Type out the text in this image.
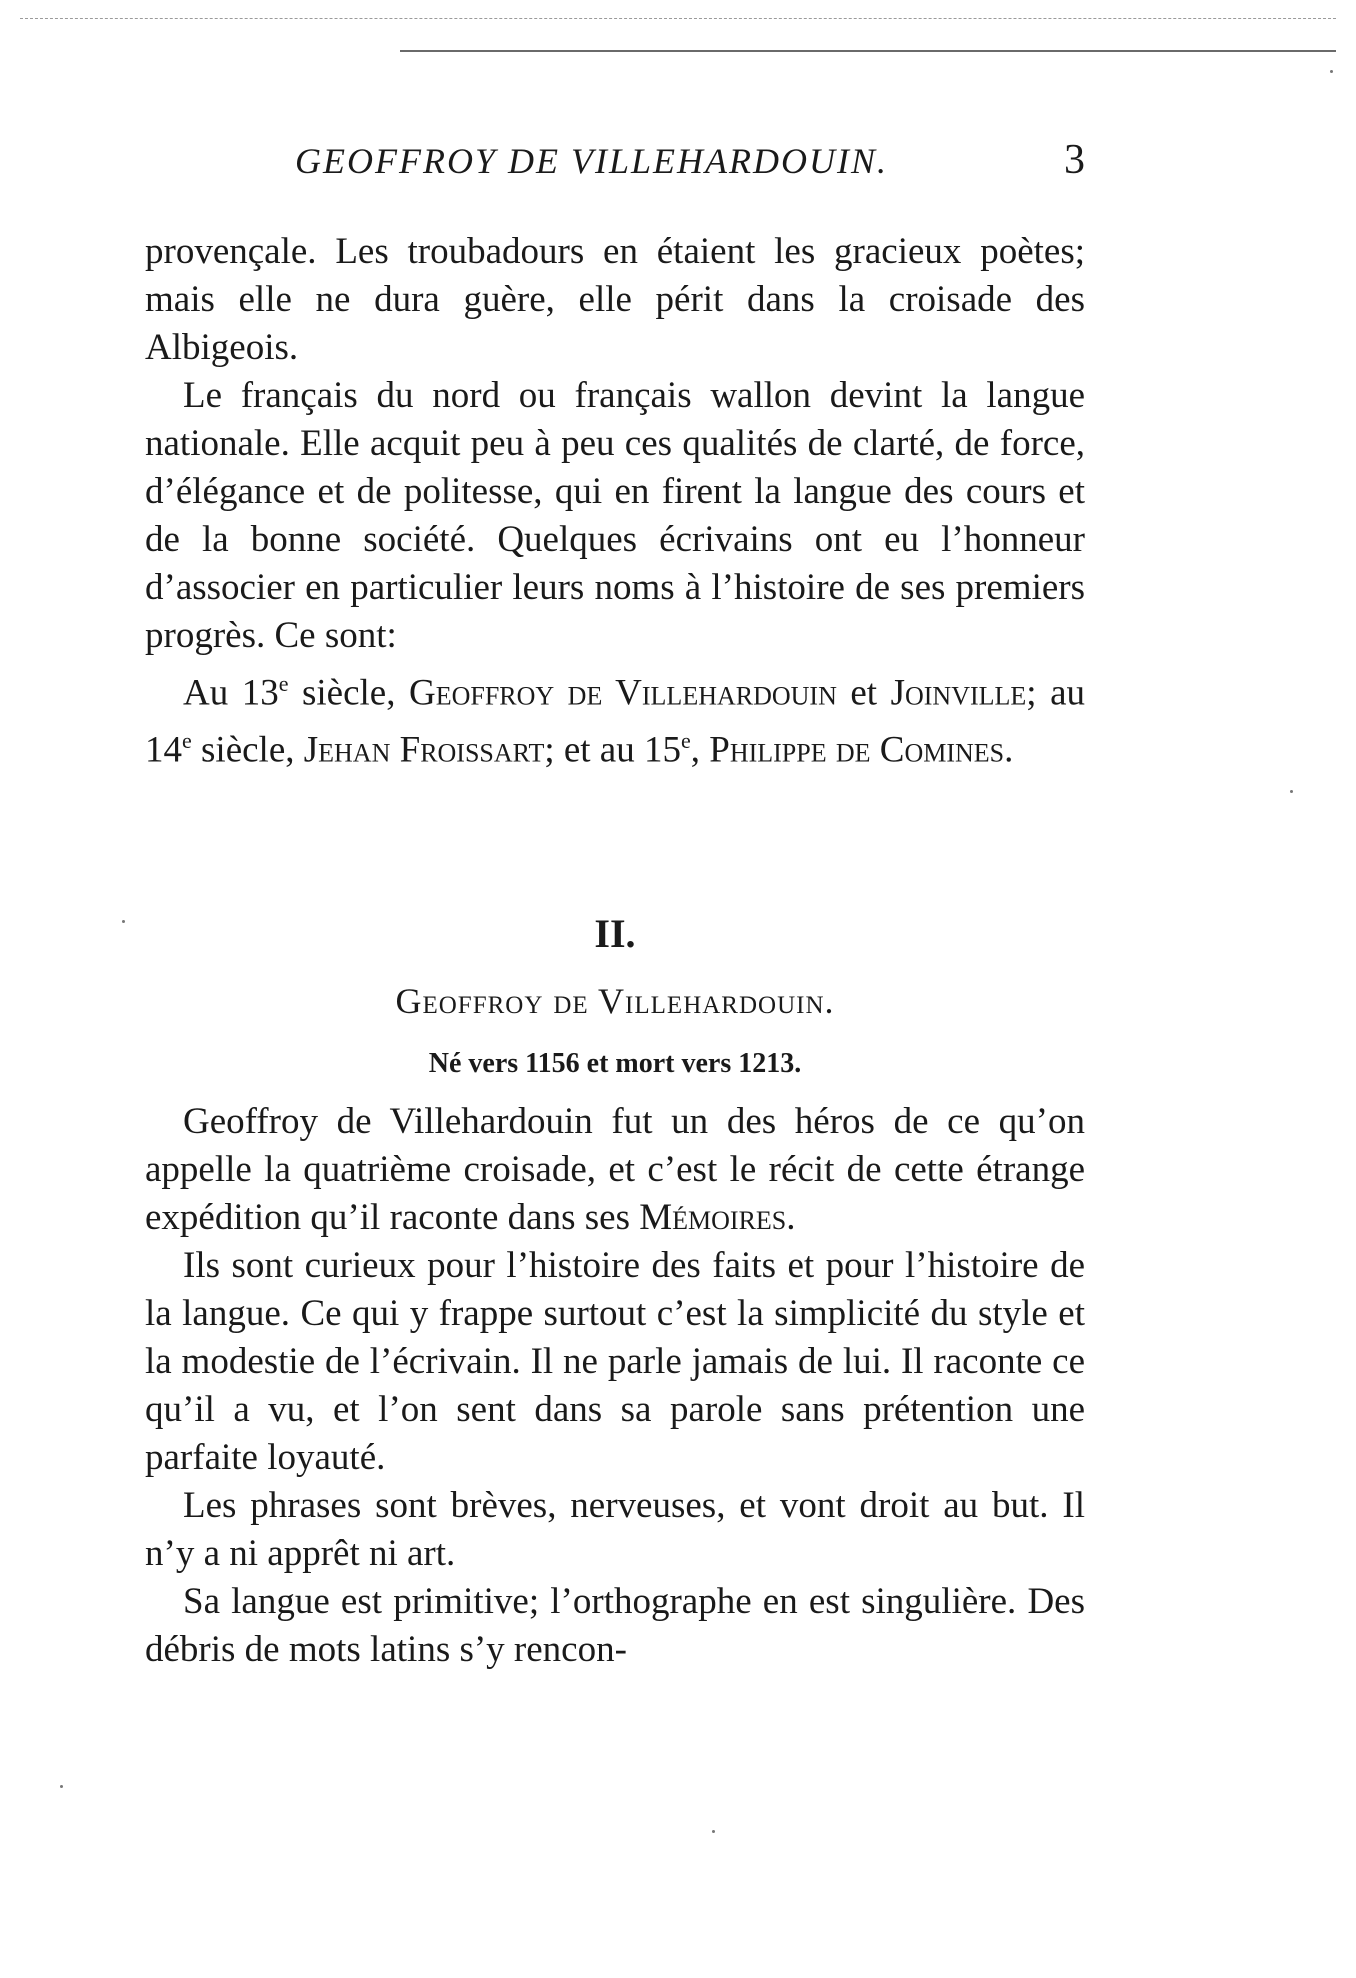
GEOFFROY DE VILLEHARDOUIN.	3

provençale. Les troubadours en étaient les gracieux poètes; mais elle ne dura guère, elle périt dans la croisade des Albigeois.

Le français du nord ou français wallon devint la langue nationale. Elle acquit peu à peu ces qualités de clarté, de force, d’élégance et de politesse, qui en firent la langue des cours et de la bonne société. Quelques écrivains ont eu l’honneur d’associer en particulier leurs noms à l’histoire de ses premiers progrès. Ce sont:

Au 13e siècle, Geoffroy de Villehardouin et Joinville; au 14e siècle, Jehan Froissart; et au 15e, Philippe de Comines.

II.
Geoffroy de Villehardouin.
Né vers 1156 et mort vers 1213.

Geoffroy de Villehardouin fut un des héros de ce qu’on appelle la quatrième croisade, et c’est le récit de cette étrange expédition qu’il raconte dans ses Mémoires.

Ils sont curieux pour l’histoire des faits et pour l’histoire de la langue. Ce qui y frappe surtout c’est la simplicité du style et la modestie de l’écrivain. Il ne parle jamais de lui. Il raconte ce qu’il a vu, et l’on sent dans sa parole sans prétention une parfaite loyauté.

Les phrases sont brèves, nerveuses, et vont droit au but. Il n’y a ni apprêt ni art.

Sa langue est primitive; l’orthographe en est singulière. Des débris de mots latins s’y rencon-
